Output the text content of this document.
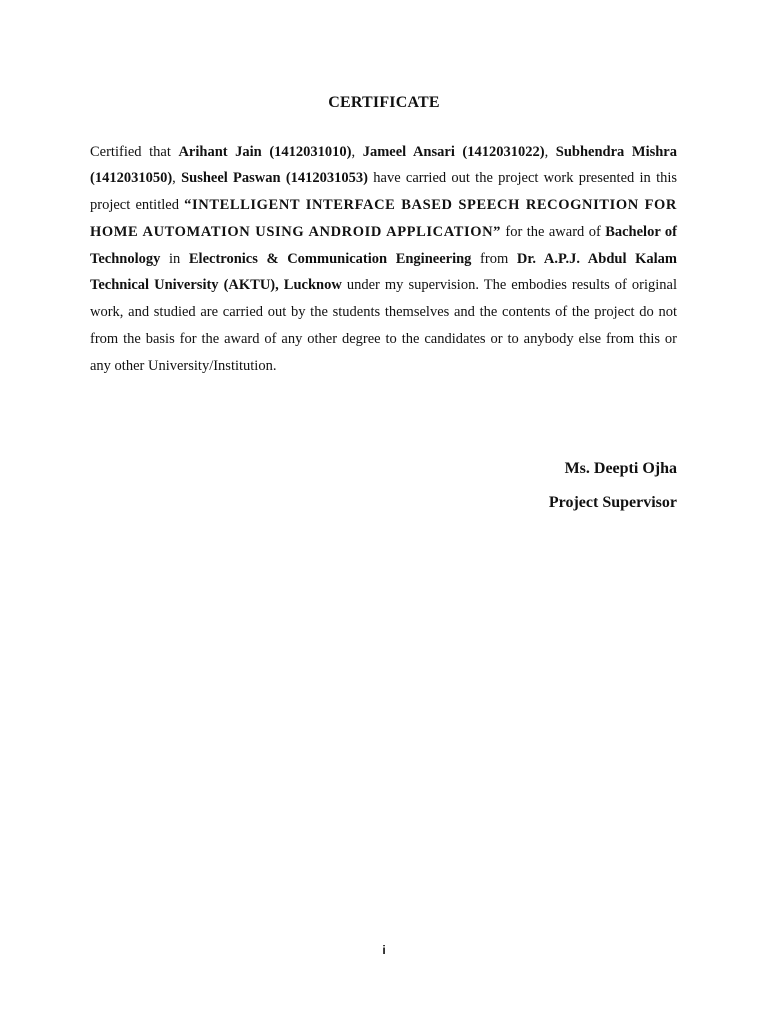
CERTIFICATE

Certified that Arihant Jain (1412031010), Jameel Ansari (1412031022), Subhendra Mishra (1412031050), Susheel Paswan (1412031053) have carried out the project work presented in this project entitled “INTELLIGENT INTERFACE BASED SPEECH RECOGNITION FOR HOME AUTOMATION USING ANDROID APPLICATION” for the award of Bachelor of Technology in Electronics & Communication Engineering from Dr. A.P.J. Abdul Kalam Technical University (AKTU), Lucknow under my supervision. The embodies results of original work, and studied are carried out by the students themselves and the contents of the project do not from the basis for the award of any other degree to the candidates or to anybody else from this or any other University/Institution.

Ms. Deepti Ojha
Project Supervisor
i
